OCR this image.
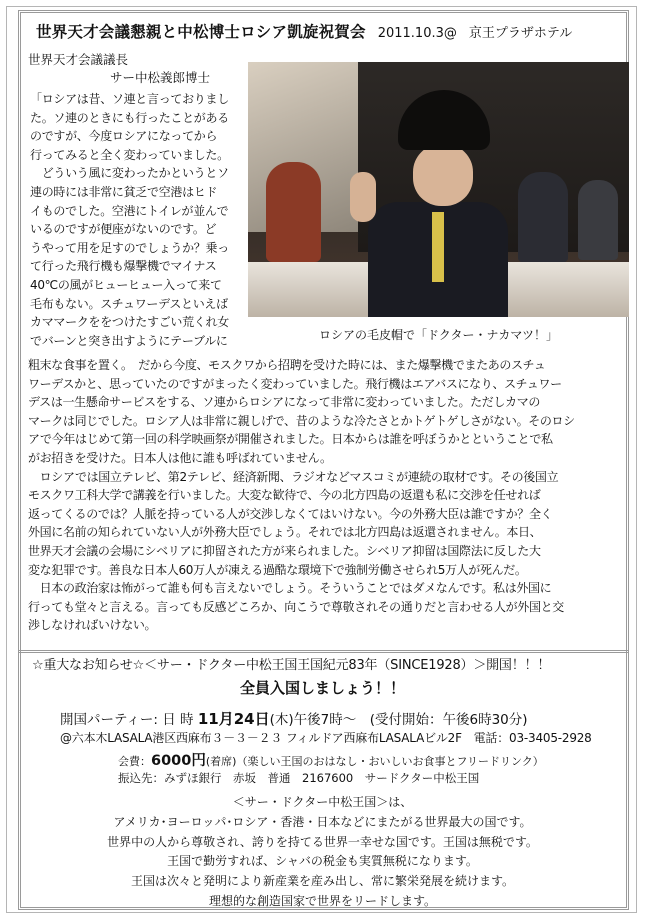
世界天才会議懇親と中松博士ロシア凱旋祝賀会 2011.10.3@ 京王プラザホテル
世界天才会議議長
サー中松義郎博士
ロシアの毛皮帽で「ドクター・ナカマツ！」

「ロシアは昔、ソ連と言っておりまし

た。ソ連のときにも行ったことがある

のですが、今度ロシアになってから

行ってみると全く変わっていました。

　どういう風に変わったかというとソ

連の時には非常に貧乏で空港はヒド

イものでした。空港にトイレが並んで

いるのですが便座がないのです。ど

うやって用を足すのでしょうか？乗っ

て行った飛行機も爆撃機でマイナス

40℃の風がヒューヒュー入って来て

毛布もない。スチュワーデスといえば

カママークををつけたすごい荒くれ女

でバーンと突き出すようにテーブルに

粗末な食事を置く。　だから今度、モスクワから招聘を受けた時には、また爆撃機でまたあのスチュ

ワーデスかと、思っていたのですがまったく変わっていました。飛行機はエアバスになり、スチュワー

デスは一生懸命サービスをする、ソ連からロシアになって非常に変わっていました。ただしカマの

マークは同じでした。ロシア人は非常に親しげで、昔のような冷たさとかトゲトゲしさがない。そのロシ

アで今年はじめて第一回の科学映画祭が開催されました。日本からは誰を呼ぼうかとということで私

がお招きを受けた。日本人は他に誰も呼ばれていません。

　ロシアでは国立テレビ、第2テレビ、経済新聞、ラジオなどマスコミが連続の取材です。その後国立

モスクワ工科大学で講義を行いました。大変な歓待で、今の北方四島の返還も私に交渉を任せれば

返ってくるのでは？人脈を持っている人が交渉しなくてはいけない。今の外務大臣は誰ですか？全く

外国に名前の知られていない人が外務大臣でしょう。それでは北方四島は返還されません。本日、

世界天才会議の会場にシベリアに抑留された方が来られました。シベリア抑留は国際法に反した大

変な犯罪です。善良な日本人60万人が凍える過酷な環境下で強制労働させられ5万人が死んだ。

　日本の政治家は怖がって誰も何も言えないでしょう。そういうことではダメなんです。私は外国に

行っても堂々と言える。言っても反感どころか、向こうで尊敬されその通りだと言わせる人が外国と交

渉しなければいけない。

☆重大なお知らせ☆＜サー・ドクター中松王国王国紀元83年（SINCE1928）＞開国！！！
全員入国しましょう！！
開国パーティー: 日 時 11月24日(木)午後7時～　(受付開始：午後6時30分)
@六本木LASALA港区西麻布３－３－２３ フィルドア西麻布LASALAビル2F　電話：03-3405-2928
会費：6000円(着席)（楽しい王国のおはなし・おいしいお食事とフリードリンク）
振込先：みずほ銀行　赤坂　普通　2167600　サードクター中松王国
＜サー・ドクター中松王国＞は、
アメリカ･ヨーロッパ･ロシア・香港・日本などにまたがる世界最大の国です。
世界中の人から尊敬され、誇りを持てる世界一幸せな国です。王国は無税です。
王国で勤労すれば、シャバの税金も実質無税になります。
王国は次々と発明により新産業を産み出し、常に繁栄発展を続けます。
理想的な創造国家で世界をリードします。
